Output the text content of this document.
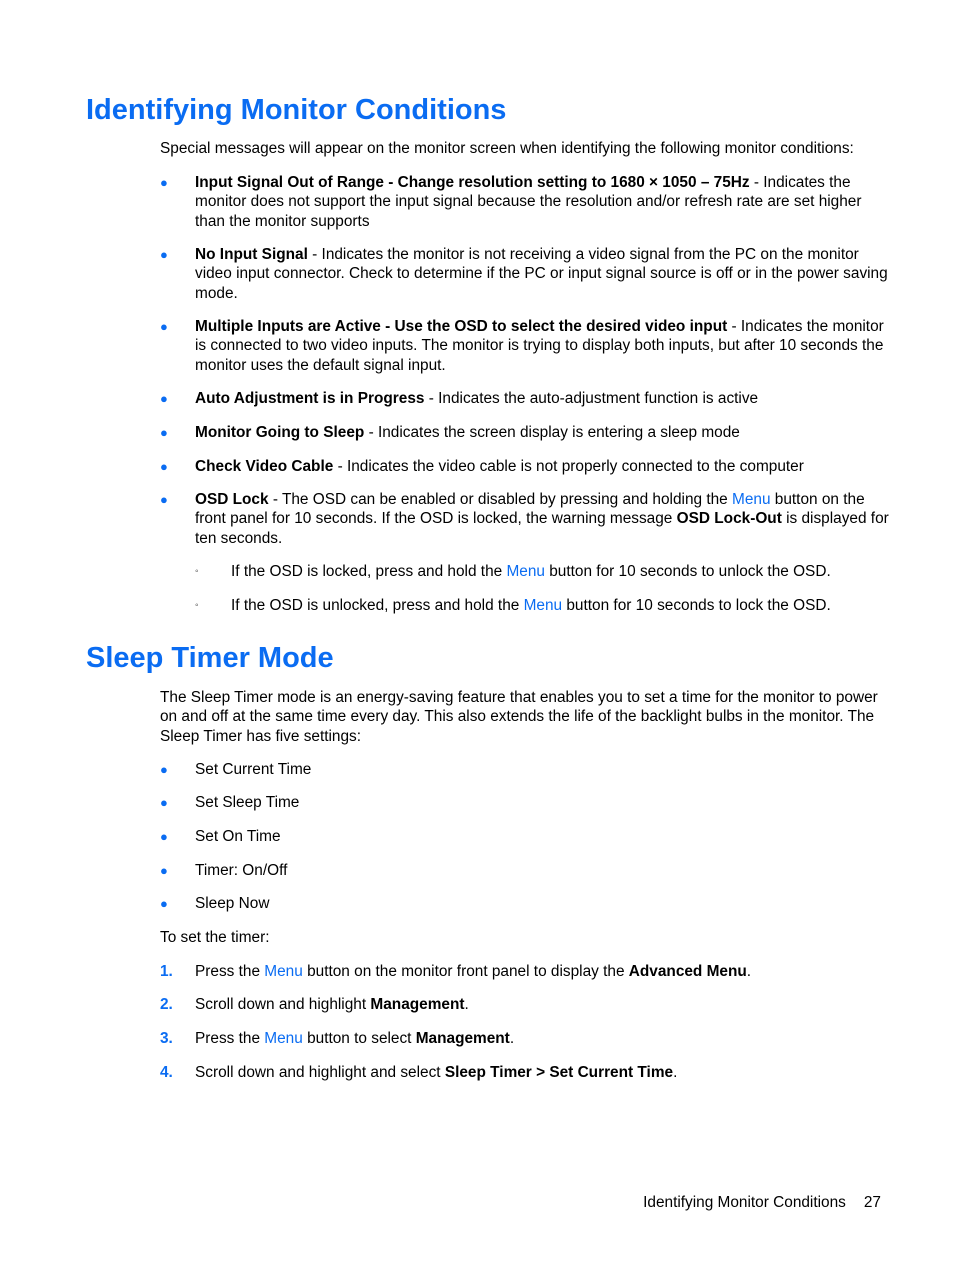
Identifying Monitor Conditions

Special messages will appear on the monitor screen when identifying the following monitor conditions:

●	Input Signal Out of Range - Change resolution setting to 1680 × 1050 – 75Hz - Indicates the monitor does not support the input signal because the resolution and/or refresh rate are set higher than the monitor supports
●	No Input Signal - Indicates the monitor is not receiving a video signal from the PC on the monitor video input connector. Check to determine if the PC or input signal source is off or in the power saving mode.
●	Multiple Inputs are Active - Use the OSD to select the desired video input - Indicates the monitor is connected to two video inputs. The monitor is trying to display both inputs, but after 10 seconds the monitor uses the default signal input.
●	Auto Adjustment is in Progress - Indicates the auto-adjustment function is active
●	Monitor Going to Sleep - Indicates the screen display is entering a sleep mode
●	Check Video Cable - Indicates the video cable is not properly connected to the computer
●	OSD Lock - The OSD can be enabled or disabled by pressing and holding the Menu button on the front panel for 10 seconds. If the OSD is locked, the warning message OSD Lock-Out is displayed for ten seconds.
◦	If the OSD is locked, press and hold the Menu button for 10 seconds to unlock the OSD.
◦	If the OSD is unlocked, press and hold the Menu button for 10 seconds to lock the OSD.
Sleep Timer Mode

The Sleep Timer mode is an energy-saving feature that enables you to set a time for the monitor to power on and off at the same time every day. This also extends the life of the backlight bulbs in the monitor. The Sleep Timer has five settings:

●	Set Current Time
●	Set Sleep Time
●	Set On Time
●	Timer: On/Off
●	Sleep Now

To set the timer:

1. Press the Menu button on the monitor front panel to display the Advanced Menu.
2. Scroll down and highlight Management.
3. Press the Menu button to select Management.
4. Scroll down and highlight and select Sleep Timer > Set Current Time.
Identifying Monitor Conditions 27
